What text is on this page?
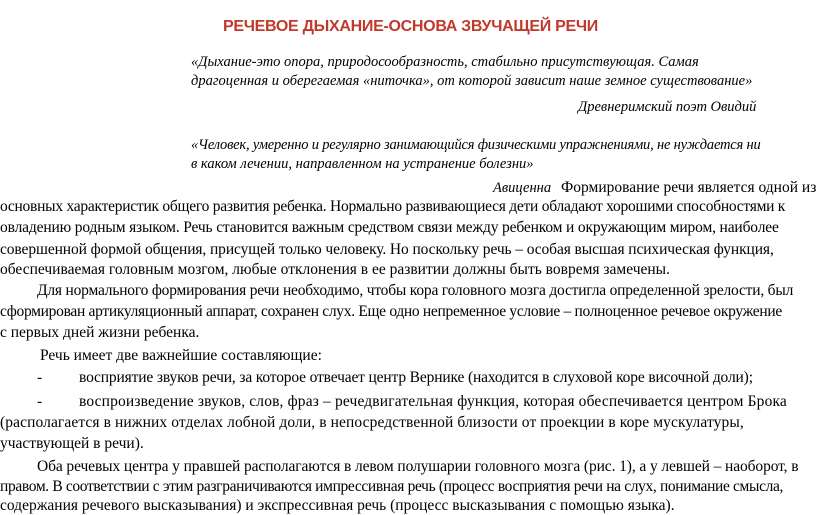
РЕЧЕВОЕ ДЫХАНИЕ-ОСНОВА ЗВУЧАЩЕЙ РЕЧИ
«Дыхание-это опора, природосообразность, стабильно присутствующая. Самая
драгоценная и оберегаемая «ниточка», от которой зависит наше земное существование»
Древнеримский поэт Овидий
«Человек, умеренно и регулярно занимающийся физическими упражнениями, не нуждается ни
в каком лечении, направленном на устранение болезни»
Авиценна Формирование речи является одной из
основных характеристик общего развития ребенка. Нормально развивающиеся дети обладают хорошими способностями к
овладению родным языком. Речь становится важным средством связи между ребенком и окружающим миром, наиболее
совершенной формой общения, присущей только человеку. Но поскольку речь – особая высшая психическая функция,
обеспечиваемая головным мозгом, любые отклонения в ее развитии должны быть вовремя замечены.
Для нормального формирования речи необходимо, чтобы кора головного мозга достигла определенной зрелости, был
сформирован артикуляционный аппарат, сохранен слух. Еще одно непременное условие – полноценное речевое окружение
с первых дней жизни ребенка.
Речь имеет две важнейшие составляющие:
- восприятие звуков речи, за которое отвечает центр Вернике (находится в слуховой коре височной доли);
- воспроизведение звуков, слов, фраз – речедвигательная функция, которая обеспечивается центром Брока
(располагается в нижних отделах лобной доли, в непосредственной близости от проекции в коре мускулатуры,
участвующей в речи).
Оба речевых центра у правшей располагаются в левом полушарии головного мозга (рис. 1), а у левшей – наоборот, в
правом. В соответствии с этим разграничиваются импрессивная речь (процесс восприятия речи на слух, понимание смысла,
содержания речевого высказывания) и экспрессивная речь (процесс высказывания с помощью языка).
